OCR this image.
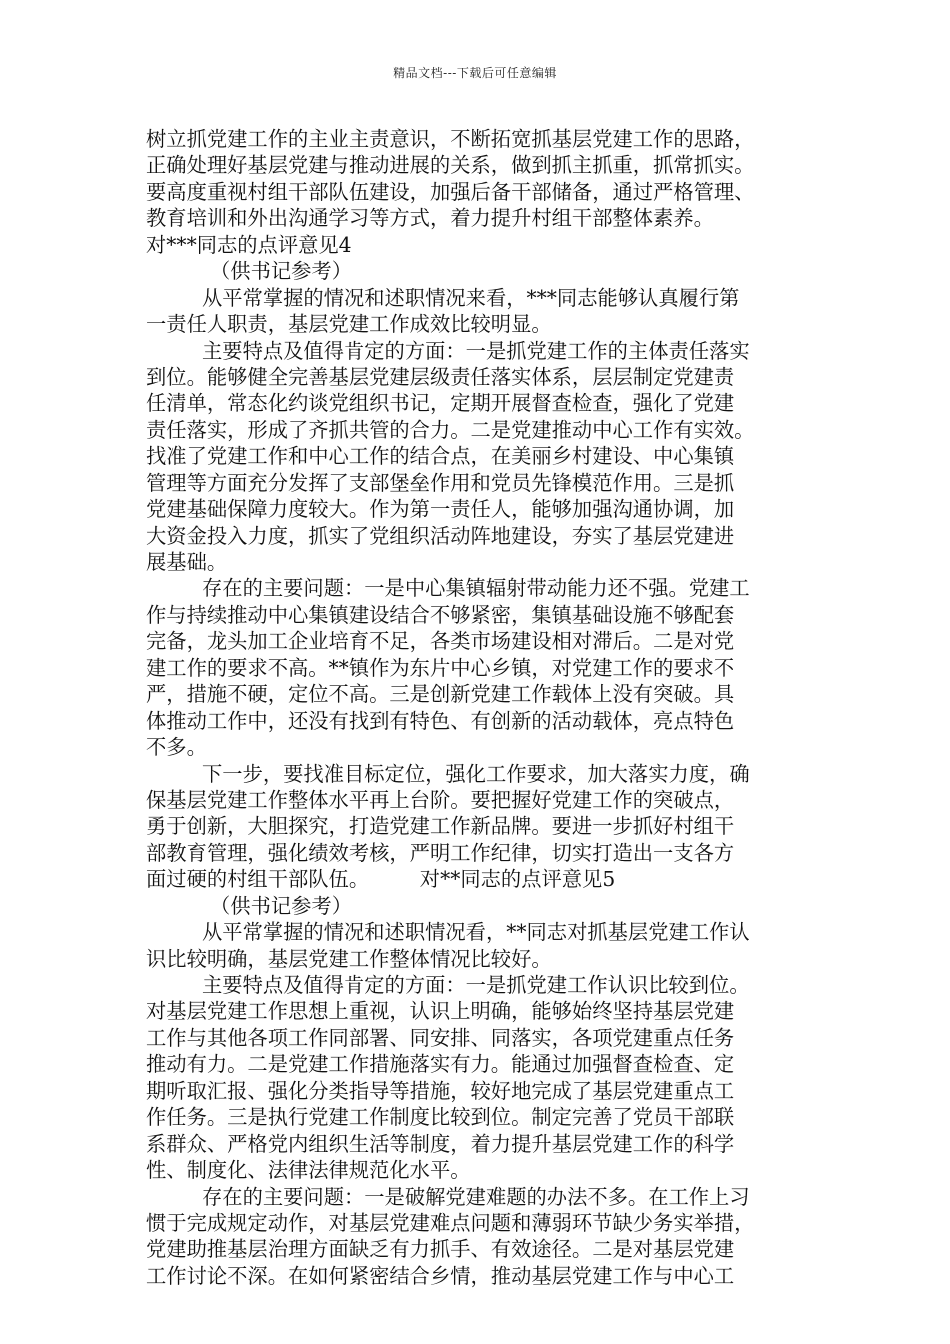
精品文档---下载后可任意编辑
树立抓党建工作的主业主责意识，不断拓宽抓基层党建工作的思路，
正确处理好基层党建与推动进展的关系，做到抓主抓重，抓常抓实。
要高度重视村组干部队伍建设，加强后备干部储备，通过严格管理、
教育培训和外出沟通学习等方式，着力提升村组干部整体素养。
对***同志的点评意见4
（供书记参考）
从平常掌握的情况和述职情况来看，***同志能够认真履行第
一责任人职责，基层党建工作成效比较明显。
主要特点及值得肯定的方面：一是抓党建工作的主体责任落实
到位。能够健全完善基层党建层级责任落实体系，层层制定党建责
任清单，常态化约谈党组织书记，定期开展督查检查，强化了党建
责任落实，形成了齐抓共管的合力。二是党建推动中心工作有实效。
找准了党建工作和中心工作的结合点，在美丽乡村建设、中心集镇
管理等方面充分发挥了支部堡垒作用和党员先锋模范作用。三是抓
党建基础保障力度较大。作为第一责任人，能够加强沟通协调，加
大资金投入力度，抓实了党组织活动阵地建设，夯实了基层党建进
展基础。
存在的主要问题：一是中心集镇辐射带动能力还不强。党建工
作与持续推动中心集镇建设结合不够紧密，集镇基础设施不够配套
完备，龙头加工企业培育不足，各类市场建设相对滞后。二是对党
建工作的要求不高。**镇作为东片中心乡镇，对党建工作的要求不
严，措施不硬，定位不高。三是创新党建工作载体上没有突破。具
体推动工作中，还没有找到有特色、有创新的活动载体，亮点特色
不多。
下一步，要找准目标定位，强化工作要求，加大落实力度，确
保基层党建工作整体水平再上台阶。要把握好党建工作的突破点，
勇于创新，大胆探究，打造党建工作新品牌。要进一步抓好村组干
部教育管理，强化绩效考核，严明工作纪律，切实打造出一支各方
面过硬的村组干部队伍。　　　对**同志的点评意见5
（供书记参考）
从平常掌握的情况和述职情况看，**同志对抓基层党建工作认
识比较明确，基层党建工作整体情况比较好。
主要特点及值得肯定的方面：一是抓党建工作认识比较到位。
对基层党建工作思想上重视，认识上明确，能够始终坚持基层党建
工作与其他各项工作同部署、同安排、同落实，各项党建重点任务
推动有力。二是党建工作措施落实有力。能通过加强督查检查、定
期听取汇报、强化分类指导等措施，较好地完成了基层党建重点工
作任务。三是执行党建工作制度比较到位。制定完善了党员干部联
系群众、严格党内组织生活等制度，着力提升基层党建工作的科学
性、制度化、法律法律规范化水平。
存在的主要问题：一是破解党建难题的办法不多。在工作上习
惯于完成规定动作，对基层党建难点问题和薄弱环节缺少务实举措，
党建助推基层治理方面缺乏有力抓手、有效途径。二是对基层党建
工作讨论不深。在如何紧密结合乡情，推动基层党建工作与中心工
